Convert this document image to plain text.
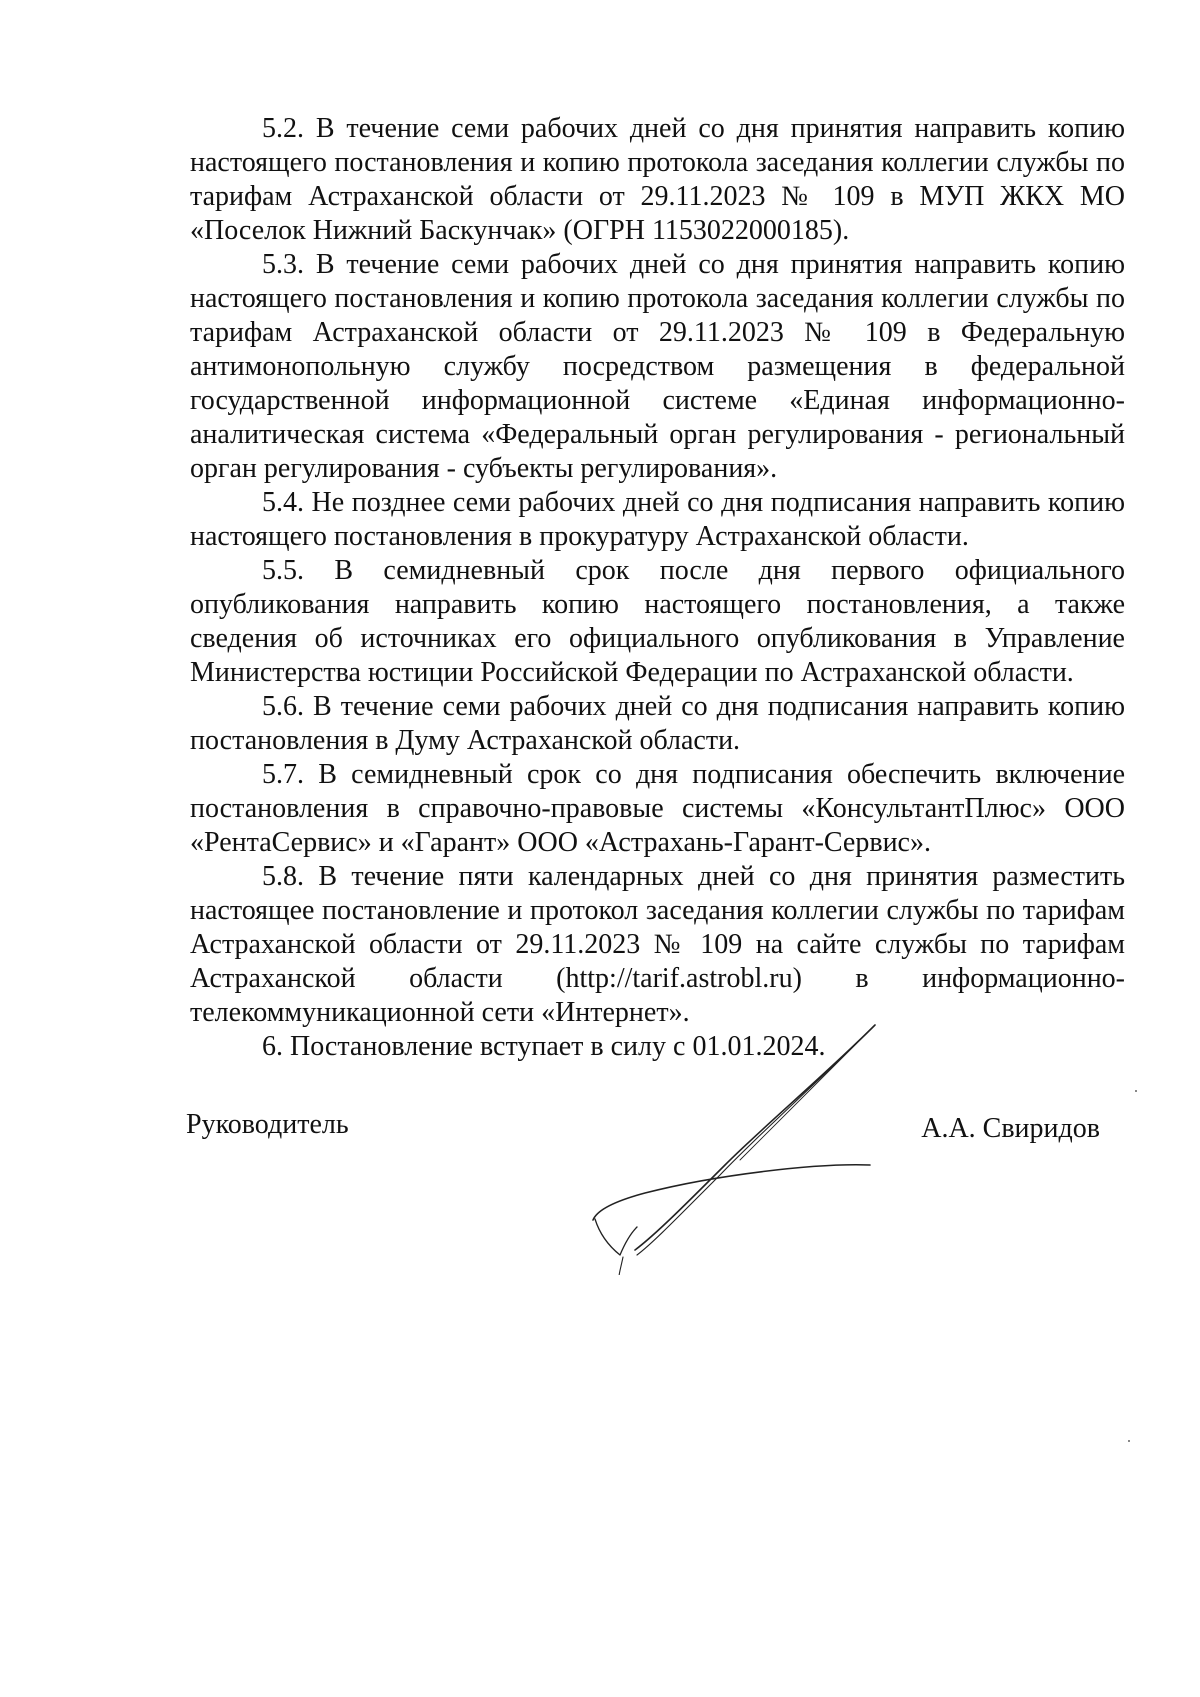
5.2. В течение семи рабочих дней со дня принятия направить копию настоящего постановления и копию протокола заседания коллегии службы по тарифам Астраханской области от 29.11.2023 № 109 в МУП ЖКХ МО «Поселок Нижний Баскунчак» (ОГРН 1153022000185).

5.3. В течение семи рабочих дней со дня принятия направить копию настоящего постановления и копию протокола заседания коллегии службы по тарифам Астраханской области от 29.11.2023 № 109 в Федеральную антимонопольную службу посредством размещения в федеральной государственной информационной системе «Единая информационно-аналитическая система «Федеральный орган регулирования - региональный орган регулирования - субъекты регулирования».

5.4. Не позднее семи рабочих дней со дня подписания направить копию настоящего постановления в прокуратуру Астраханской области.

5.5. В семидневный срок после дня первого официального опубликования направить копию настоящего постановления, а также сведения об источниках его официального опубликования в Управление Министерства юстиции Российской Федерации по Астраханской области.

5.6. В течение семи рабочих дней со дня подписания направить копию постановления в Думу Астраханской области.

5.7. В семидневный срок со дня подписания обеспечить включение постановления в справочно-правовые системы «КонсультантПлюс» ООО «РентаСервис» и «Гарант» ООО «Астрахань-Гарант-Сервис».

5.8. В течение пяти календарных дней со дня принятия разместить настоящее постановление и протокол заседания коллегии службы по тарифам Астраханской области от 29.11.2023 № 109 на сайте службы по тарифам Астраханской области (http://tarif.astrobl.ru) в информационно-телекоммуникационной сети «Интернет».

6. Постановление вступает в силу с 01.01.2024.

Руководитель	А.А. Свиридов
